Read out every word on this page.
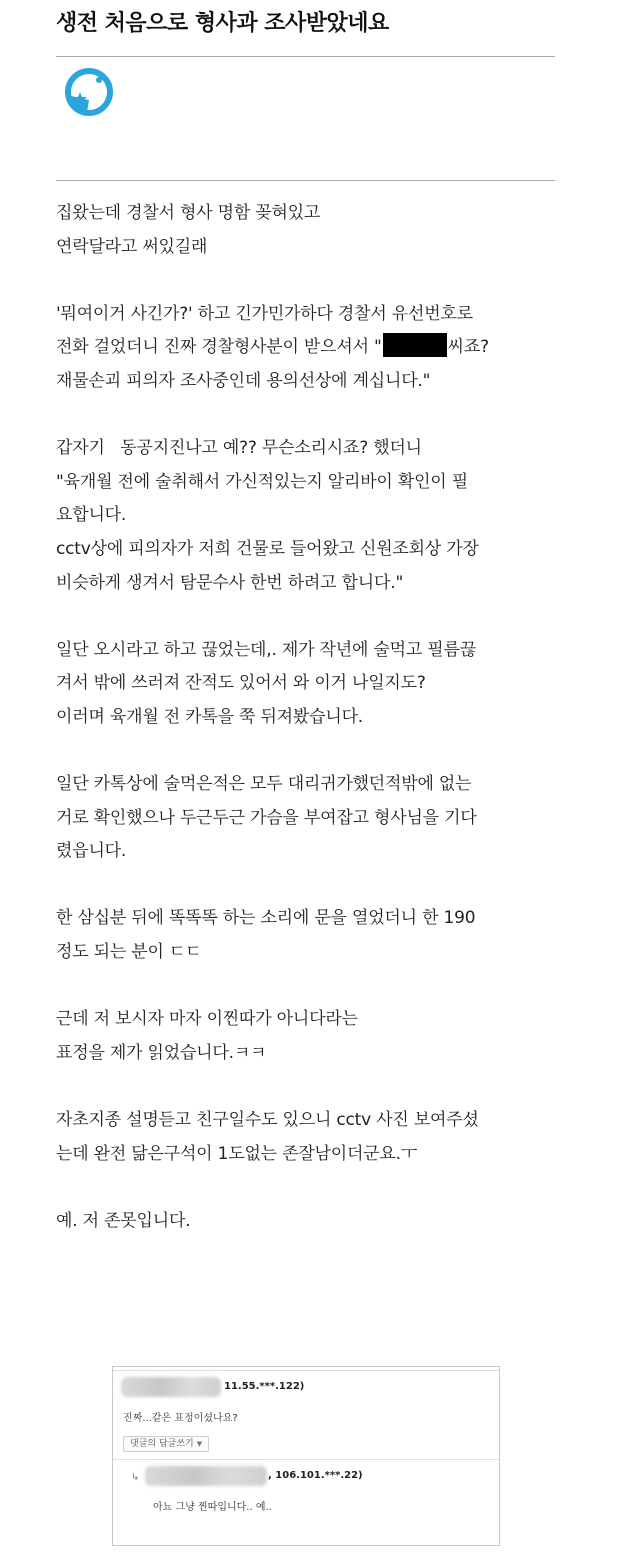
생전 처음으로 형사과 조사받았네요

집왔는데 경찰서 형사 명함 꽂혀있고
연락달라고 써있길래

'뭐여이거 사긴가?' 하고 긴가민가하다 경찰서 유선번호로
전화 걸었더니 진짜 경찰형사분이 받으셔서 "	씨죠?
재물손괴 피의자 조사중인데 용의선상에 계십니다."

갑자기   동공지진나고 예?? 무슨소리시죠? 했더니
"육개월 전에 술취해서 가신적있는지 알리바이 확인이 필
요합니다.
cctv상에 피의자가 저희 건물로 들어왔고 신원조회상 가장
비슷하게 생겨서 탐문수사 한번 하려고 합니다."

일단 오시라고 하고 끊었는데,. 제가 작년에 술먹고 필름끊
겨서 밖에 쓰러져 잔적도 있어서 와 이거 나일지도?
이러며 육개월 전 카톡을 쭉 뒤져봤습니다.

일단 카톡상에 술먹은적은 모두 대리귀가했던적밖에 없는
거로 확인했으나 두근두근 가슴을 부여잡고 형사님을 기다
렸읍니다.

한 삼십분 뒤에 똑똑똑 하는 소리에 문을 열었더니 한 190
정도 되는 분이 ㄷㄷ

근데 저 보시자 마자 이찐따가 아니다라는
표정을 제가 읽었습니다.ㅋㅋ

자초지종 설명듣고 친구일수도 있으니 cctv 사진 보여주셨
는데 완전 닮은구석이 1도없는 존잘남이더군요.ㅜ

예. 저 존못입니다.

11.55.***.122)
진짜...같은 표정이셨나요?
댓글의 답글쓰기 ▼
↳	, 106.101.***.22)
아뇨 그냥 찐따입니다.. 예..
